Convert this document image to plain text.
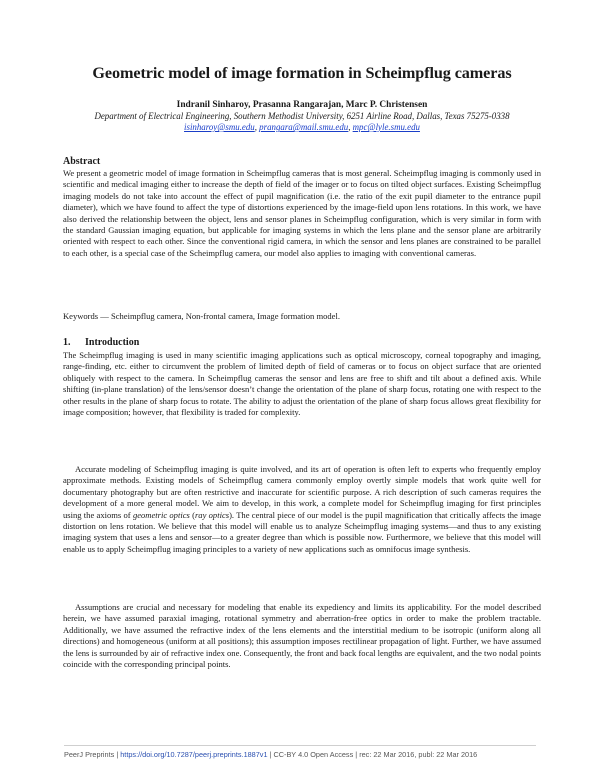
Geometric model of image formation in Scheimpflug cameras
Indranil Sinharoy, Prasanna Rangarajan, Marc P. Christensen
Department of Electrical Engineering, Southern Methodist University, 6251 Airline Road, Dallas, Texas 75275-0338
isinharoy@smu.edu, prangara@mail.smu.edu, mpc@lyle.smu.edu
Abstract

We present a geometric model of image formation in Scheimpflug cameras that is most general. Scheimpflug imaging is commonly used in scientific and medical imaging either to increase the depth of field of the imager or to focus on tilted object surfaces. Existing Scheimpflug imaging models do not take into account the effect of pupil magnification (i.e. the ratio of the exit pupil diameter to the entrance pupil diameter), which we have found to affect the type of distortions experienced by the image-field upon lens rotations. In this work, we have also derived the relationship between the object, lens and sensor planes in Scheimpflug configuration, which is very similar in form with the standard Gaussian imaging equation, but applicable for imaging systems in which the lens plane and the sensor plane are arbitrarily oriented with respect to each other. Since the conventional rigid camera, in which the sensor and lens planes are constrained to be parallel to each other, is a special case of the Scheimpflug camera, our model also applies to imaging with conventional cameras.

Keywords — Scheimpflug camera, Non-frontal camera, Image formation model.
1. Introduction

The Scheimpflug imaging is used in many scientific imaging applications such as optical microscopy, corneal topography and imaging, range-finding, etc. either to circumvent the problem of limited depth of field of cameras or to focus on object surface that are oriented obliquely with respect to the camera. In Scheimpflug cameras the sensor and lens are free to shift and tilt about a defined axis. While shifting (in-plane translation) of the lens/sensor doesn’t change the orientation of the plane of sharp focus, rotating one with respect to the other results in the plane of sharp focus to rotate. The ability to adjust the orientation of the plane of sharp focus allows great flexibility for image composition; however, that flexibility is traded for complexity.

Accurate modeling of Scheimpflug imaging is quite involved, and its art of operation is often left to experts who frequently employ approximate methods. Existing models of Scheimpflug camera commonly employ overtly simple models that work quite well for documentary photography but are often restrictive and inaccurate for scientific purpose. A rich description of such cameras requires the development of a more general model. We aim to develop, in this work, a complete model for Scheimpflug imaging for first principles using the axioms of geometric optics (ray optics). The central piece of our model is the pupil magnification that critically affects the image distortion on lens rotation. We believe that this model will enable us to analyze Scheimpflug imaging systems—and thus to any existing imaging system that uses a lens and sensor—to a greater degree than which is possible now. Furthermore, we believe that this model will enable us to apply Scheimpflug imaging principles to a variety of new applications such as omnifocus image synthesis.

Assumptions are crucial and necessary for modeling that enable its expediency and limits its applicability. For the model described herein, we have assumed paraxial imaging, rotational symmetry and aberration-free optics in order to make the problem tractable. Additionally, we have assumed the refractive index of the lens elements and the interstitial medium to be isotropic (uniform along all directions) and homogeneous (uniform at all positions); this assumption imposes rectilinear propagation of light. Further, we have assumed the lens is surrounded by air of refractive index one. Consequently, the front and back focal lengths are equivalent, and the two nodal points coincide with the corresponding principal points.

PeerJ Preprints | https://doi.org/10.7287/peerj.preprints.1887v1 | CC-BY 4.0 Open Access | rec: 22 Mar 2016, publ: 22 Mar 2016
